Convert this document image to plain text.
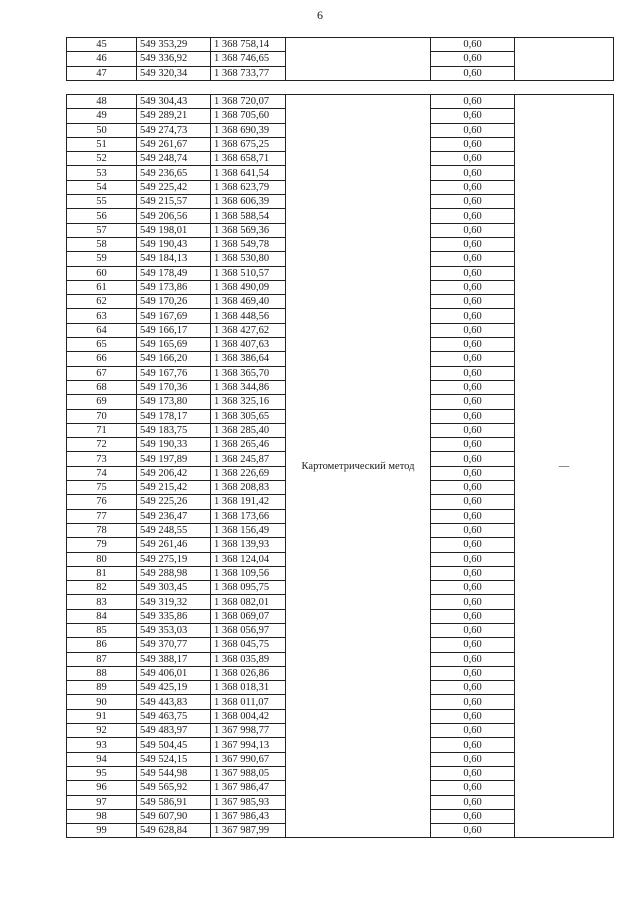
6
45	549 353,29	1 368 758,14		0,60	
46	549 336,92	1 368 746,65		0,60	
47	549 320,34	1 368 733,77		0,60	
48	549 304,43	1 368 720,07	Картометрический метод	0,60	—
49	549 289,21	1 368 705,60		0,60	
50	549 274,73	1 368 690,39		0,60	
51	549 261,67	1 368 675,25		0,60	
52	549 248,74	1 368 658,71		0,60	
53	549 236,65	1 368 641,54		0,60	
54	549 225,42	1 368 623,79		0,60	
55	549 215,57	1 368 606,39		0,60	
56	549 206,56	1 368 588,54		0,60	
57	549 198,01	1 368 569,36		0,60	
58	549 190,43	1 368 549,78		0,60	
59	549 184,13	1 368 530,80		0,60	
60	549 178,49	1 368 510,57		0,60	
61	549 173,86	1 368 490,09		0,60	
62	549 170,26	1 368 469,40		0,60	
63	549 167,69	1 368 448,56		0,60	
64	549 166,17	1 368 427,62		0,60	
65	549 165,69	1 368 407,63		0,60	
66	549 166,20	1 368 386,64		0,60	
67	549 167,76	1 368 365,70		0,60	
68	549 170,36	1 368 344,86		0,60	
69	549 173,80	1 368 325,16		0,60	
70	549 178,17	1 368 305,65		0,60	
71	549 183,75	1 368 285,40		0,60	
72	549 190,33	1 368 265,46		0,60	
73	549 197,89	1 368 245,87		0,60	
74	549 206,42	1 368 226,69		0,60	
75	549 215,42	1 368 208,83		0,60	
76	549 225,26	1 368 191,42		0,60	
77	549 236,47	1 368 173,66		0,60	
78	549 248,55	1 368 156,49		0,60	
79	549 261,46	1 368 139,93		0,60	
80	549 275,19	1 368 124,04		0,60	
81	549 288,98	1 368 109,56		0,60	
82	549 303,45	1 368 095,75		0,60	
83	549 319,32	1 368 082,01		0,60	
84	549 335,86	1 368 069,07		0,60	
85	549 353,03	1 368 056,97		0,60	
86	549 370,77	1 368 045,75		0,60	
87	549 388,17	1 368 035,89		0,60	
88	549 406,01	1 368 026,86		0,60	
89	549 425,19	1 368 018,31		0,60	
90	549 443,83	1 368 011,07		0,60	
91	549 463,75	1 368 004,42		0,60	
92	549 483,97	1 367 998,77		0,60	
93	549 504,45	1 367 994,13		0,60	
94	549 524,15	1 367 990,67		0,60	
95	549 544,98	1 367 988,05		0,60	
96	549 565,92	1 367 986,47		0,60	
97	549 586,91	1 367 985,93		0,60	
98	549 607,90	1 367 986,43		0,60	
99	549 628,84	1 367 987,99		0,60	
